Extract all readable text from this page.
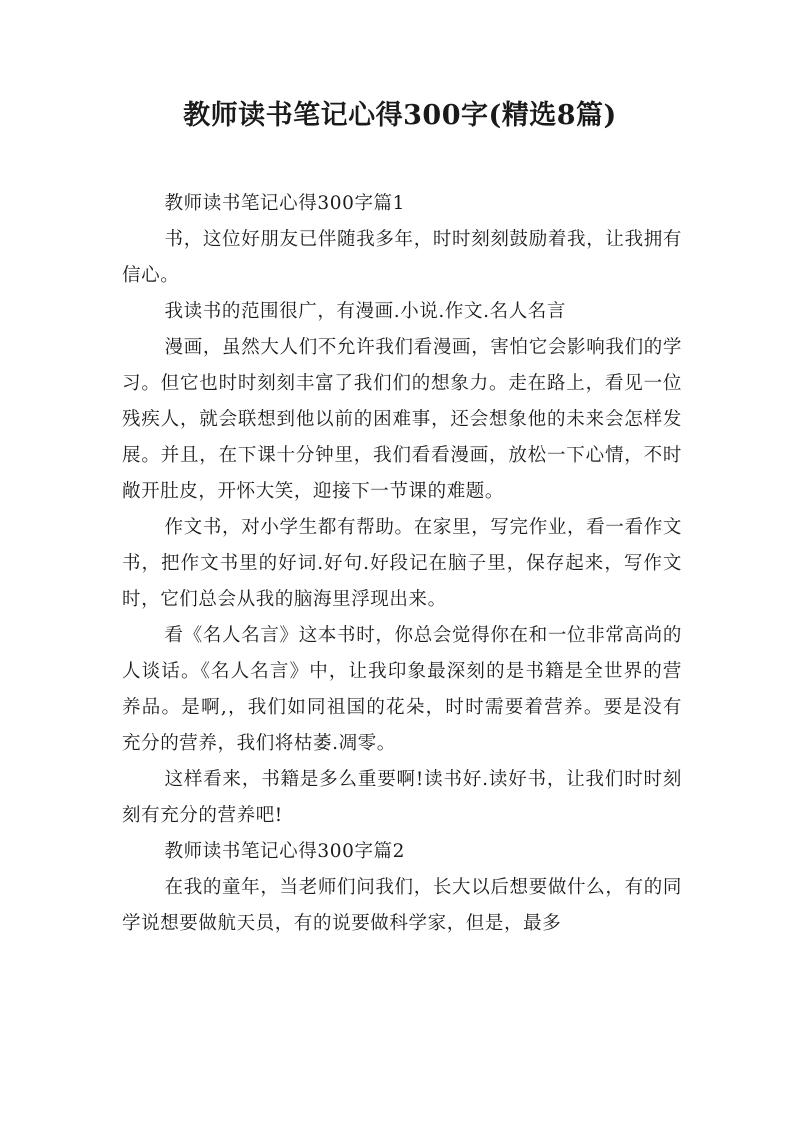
教师读书笔记心得300字(精选8篇)

教师读书笔记心得300字篇1

书，这位好朋友已伴随我多年，时时刻刻鼓励着我，让我拥有信心。

我读书的范围很广，有漫画.小说.作文.名人名言

漫画，虽然大人们不允许我们看漫画，害怕它会影响我们的学习。但它也时时刻刻丰富了我们们的想象力。走在路上，看见一位残疾人，就会联想到他以前的困难事，还会想象他的未来会怎样发展。并且，在下课十分钟里，我们看看漫画，放松一下心情，不时敞开肚皮，开怀大笑，迎接下一节课的难题。

作文书，对小学生都有帮助。在家里，写完作业，看一看作文书，把作文书里的好词.好句.好段记在脑子里，保存起来，写作文时，它们总会从我的脑海里浮现出来。

看《名人名言》这本书时，你总会觉得你在和一位非常高尚的人谈话。《名人名言》中，让我印象最深刻的是书籍是全世界的营养品。是啊,，我们如同祖国的花朵，时时需要着营养。要是没有充分的营养，我们将枯萎.凋零。

这样看来，书籍是多么重要啊!读书好.读好书，让我们时时刻刻有充分的营养吧!

教师读书笔记心得300字篇2

在我的童年，当老师们问我们，长大以后想要做什么，有的同学说想要做航天员，有的说要做科学家，但是，最多
